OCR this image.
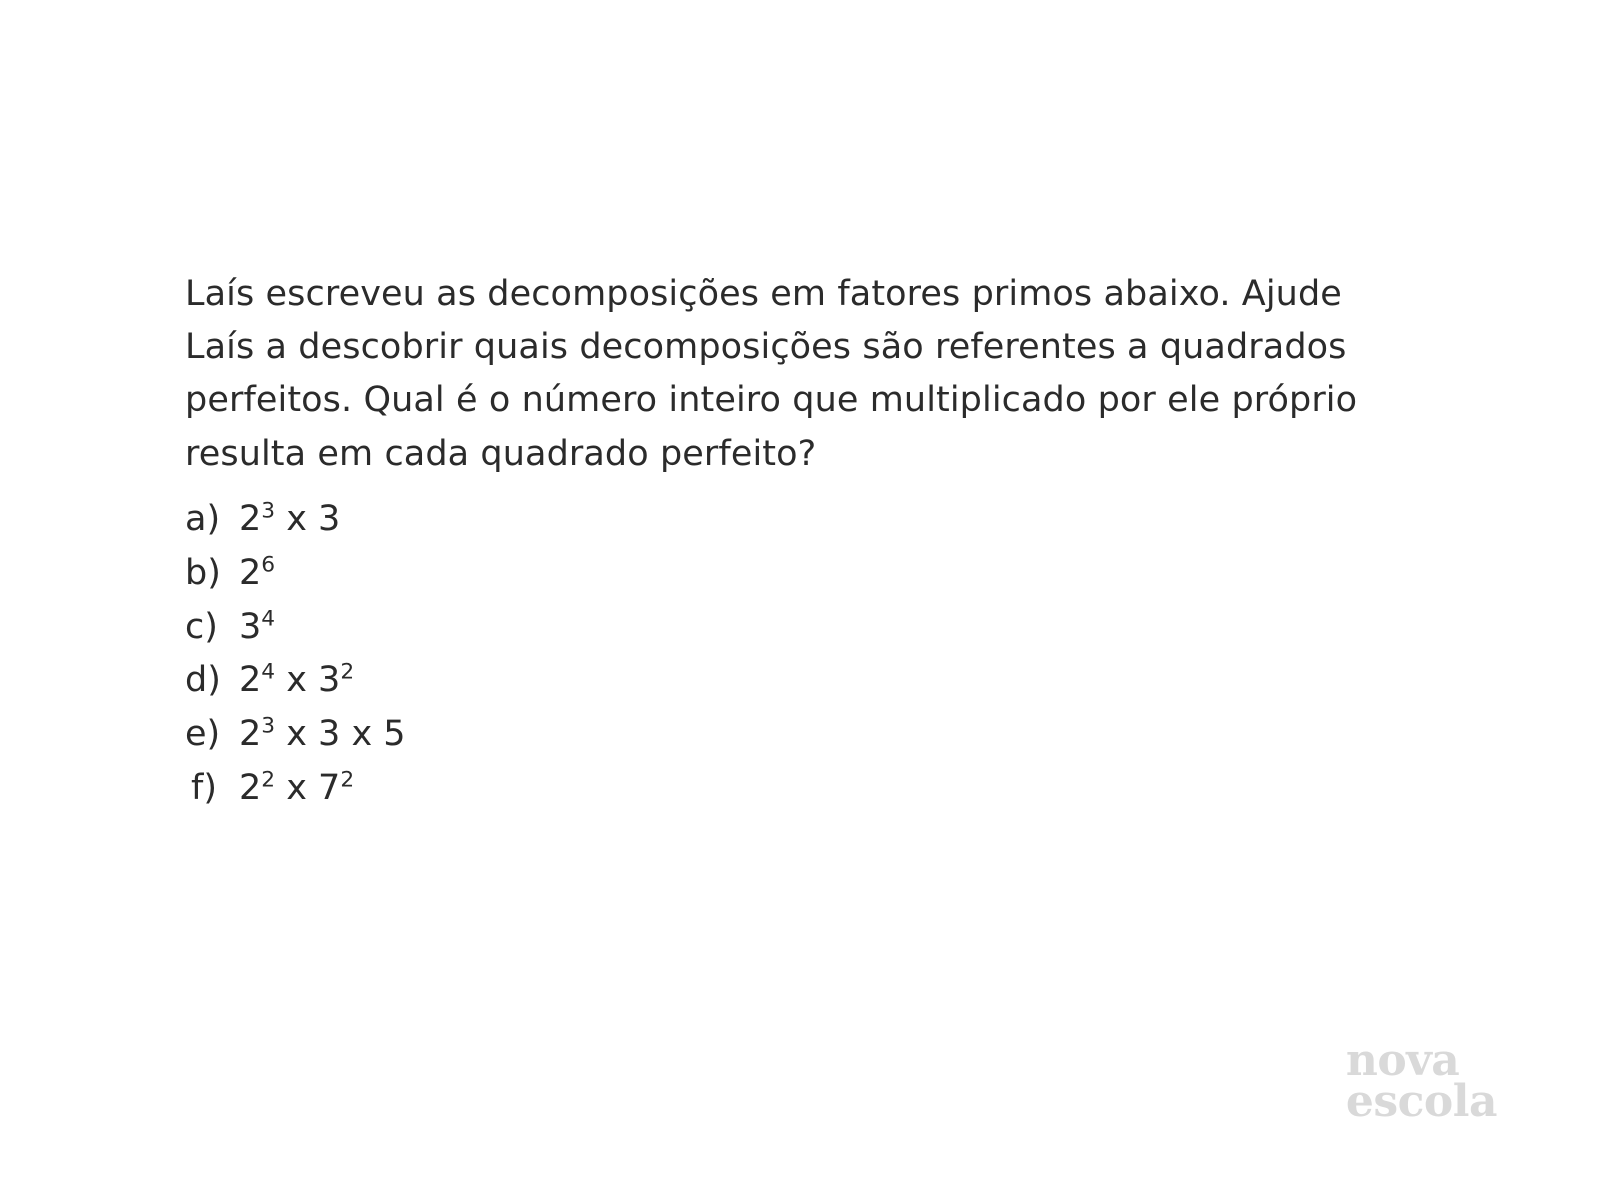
Laís escreveu as decomposições em fatores primos abaixo. Ajude Laís a descobrir quais decomposições são referentes a quadrados perfeitos. Qual é o número inteiro que multiplicado por ele próprio resulta em cada quadrado perfeito?
a) $2^3$ x 3
b) $2^6$
c) $3^4$
d) $2^4$ x $3^2$
e) $2^3$ x 3 x 5
f) $2^2$ x $7^2$
nova
escola
